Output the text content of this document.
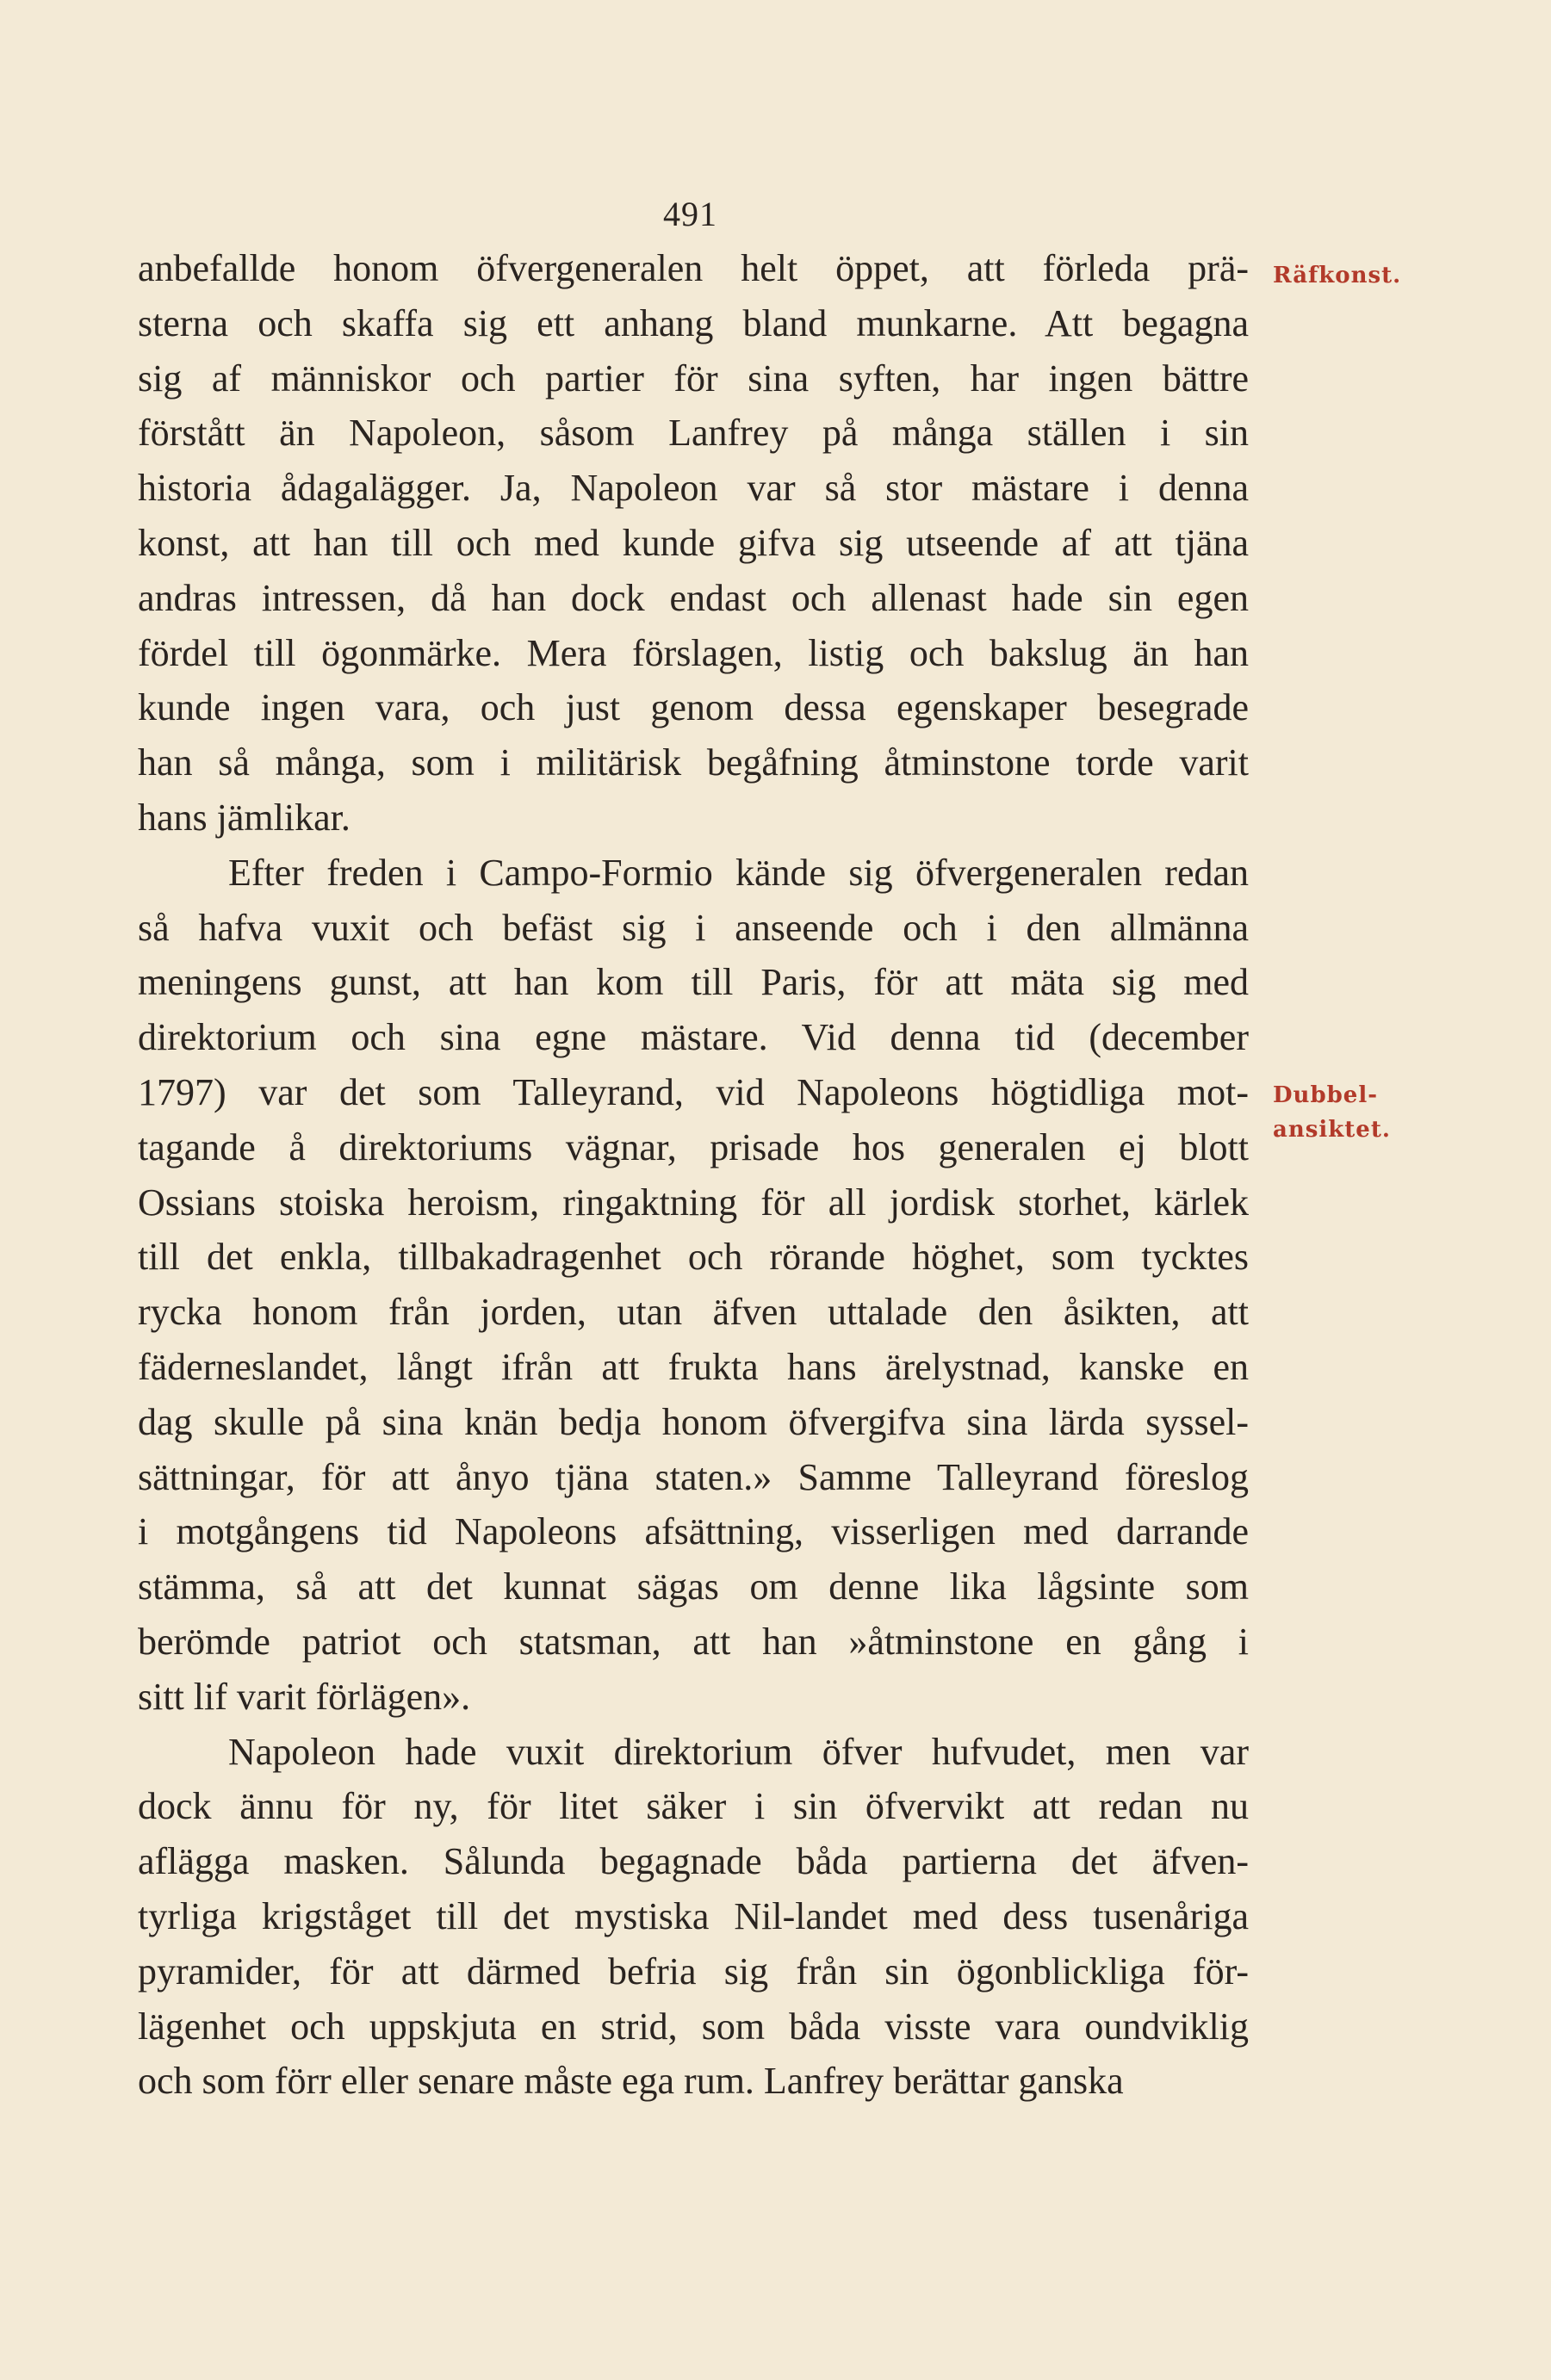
491
Räfkonst.
Dubbel-
ansiktet.
anbefallde honom öfvergeneralen helt öppet, att förleda prä-
sterna och skaffa sig ett anhang bland munkarne. Att begagna
sig af människor och partier för sina syften, har ingen bättre
förstått än Napoleon, såsom Lanfrey på många ställen i sin
historia ådagalägger. Ja, Napoleon var så stor mästare i denna
konst, att han till och med kunde gifva sig utseende af att tjäna
andras intressen, då han dock endast och allenast hade sin egen
fördel till ögonmärke. Mera förslagen, listig och bakslug än han
kunde ingen vara, och just genom dessa egenskaper besegrade
han så många, som i militärisk begåfning åtminstone torde varit
hans jämlikar.
Efter freden i Campo-Formio kände sig öfvergeneralen redan
så hafva vuxit och befäst sig i anseende och i den allmänna
meningens gunst, att han kom till Paris, för att mäta sig med
direktorium och sina egne mästare. Vid denna tid (december
1797) var det som Talleyrand, vid Napoleons högtidliga mot-
tagande å direktoriums vägnar, prisade hos generalen ej blott
Ossians stoiska heroism, ringaktning för all jordisk storhet, kärlek
till det enkla, tillbakadragenhet och rörande höghet, som tycktes
rycka honom från jorden, utan äfven uttalade den åsikten, att
fäderneslandet, långt ifrån att frukta hans ärelystnad, kanske en
dag skulle på sina knän bedja honom öfvergifva sina lärda syssel-
sättningar, för att ånyo tjäna staten.» Samme Talleyrand föreslog
i motgångens tid Napoleons afsättning, visserligen med darrande
stämma, så att det kunnat sägas om denne lika lågsinte som
berömde patriot och statsman, att han »åtminstone en gång i
sitt lif varit förlägen».
Napoleon hade vuxit direktorium öfver hufvudet, men var
dock ännu för ny, för litet säker i sin öfvervikt att redan nu
aflägga masken. Sålunda begagnade båda partierna det äfven-
tyrliga krigståget till det mystiska Nil-landet med dess tusenåriga
pyramider, för att därmed befria sig från sin ögonblickliga för-
lägenhet och uppskjuta en strid, som båda visste vara oundviklig
och som förr eller senare måste ega rum. Lanfrey berättar ganska
